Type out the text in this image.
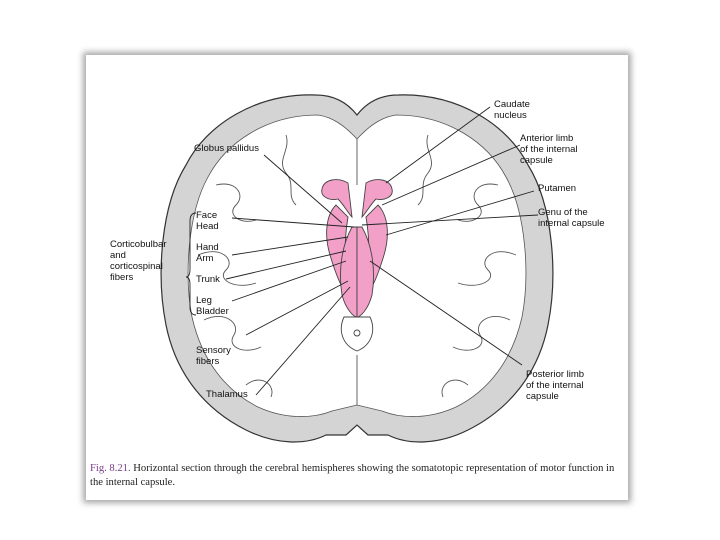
Caudate
nucleus
Anterior limb
of the internal
capsule
Globus pallidus
Putamen
Genu of the
internal capsule
Face
Head
Hand
Arm
Trunk
Leg
Bladder
Corticobulbar
and
corticospinal
fibers
Sensory
fibers
Thalamus
Posterior limb
of the internal
capsule
Fig. 8.21. Horizontal section through the cerebral hemispheres showing the somatotopic representation of motor function in the internal capsule.
